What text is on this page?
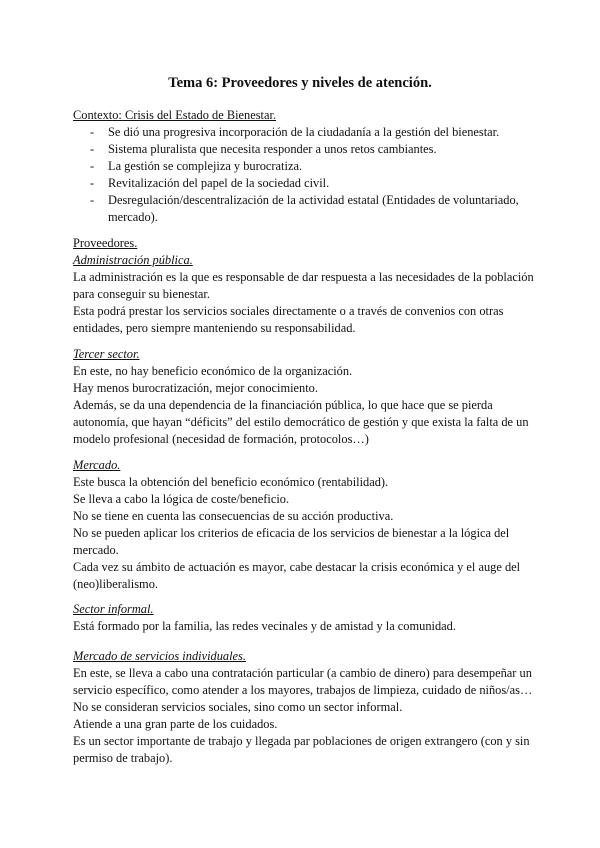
Tema 6: Proveedores y niveles de atención.
Contexto: Crisis del Estado de Bienestar.
- Se dió una progresiva incorporación de la ciudadanía a la gestión del bienestar.
- Sistema pluralista que necesita responder a unos retos cambiantes.
- La gestión se complejiza y burocratiza.
- Revitalización del papel de la sociedad civil.
- Desregulación/descentralización de la actividad estatal (Entidades de voluntariado,
mercado).
Proveedores.
Administración pública.
La administración es la que es responsable de dar respuesta a las necesidades de la población
para conseguir su bienestar.
Esta podrá prestar los servicios sociales directamente o a través de convenios con otras
entidades, pero siempre manteniendo su responsabilidad.
Tercer sector.
En este, no hay beneficio económico de la organización.
Hay menos burocratización, mejor conocimiento.
Además, se da una dependencia de la financiación pública, lo que hace que se pierda
autonomía, que hayan “déficits” del estilo democrático de gestión y que exista la falta de un
modelo profesional (necesidad de formación, protocolos…)
Mercado.
Este busca la obtención del beneficio económico (rentabilidad).
Se lleva a cabo la lógica de coste/beneficio.
No se tiene en cuenta las consecuencias de su acción productiva.
No se pueden aplicar los criterios de eficacia de los servicios de bienestar a la lógica del
mercado.
Cada vez su ámbito de actuación es mayor, cabe destacar la crisis económica y el auge del
(neo)liberalismo.
Sector informal.
Está formado por la familia, las redes vecinales y de amistad y la comunidad.
Mercado de servicios individuales.
En este, se lleva a cabo una contratación particular (a cambio de dinero) para desempeñar un
servicio específico, como atender a los mayores, trabajos de limpieza, cuidado de niños/as…
No se consideran servicios sociales, sino como un sector informal.
Atiende a una gran parte de los cuidados.
Es un sector importante de trabajo y llegada par poblaciones de origen extrangero (con y sin
permiso de trabajo).
